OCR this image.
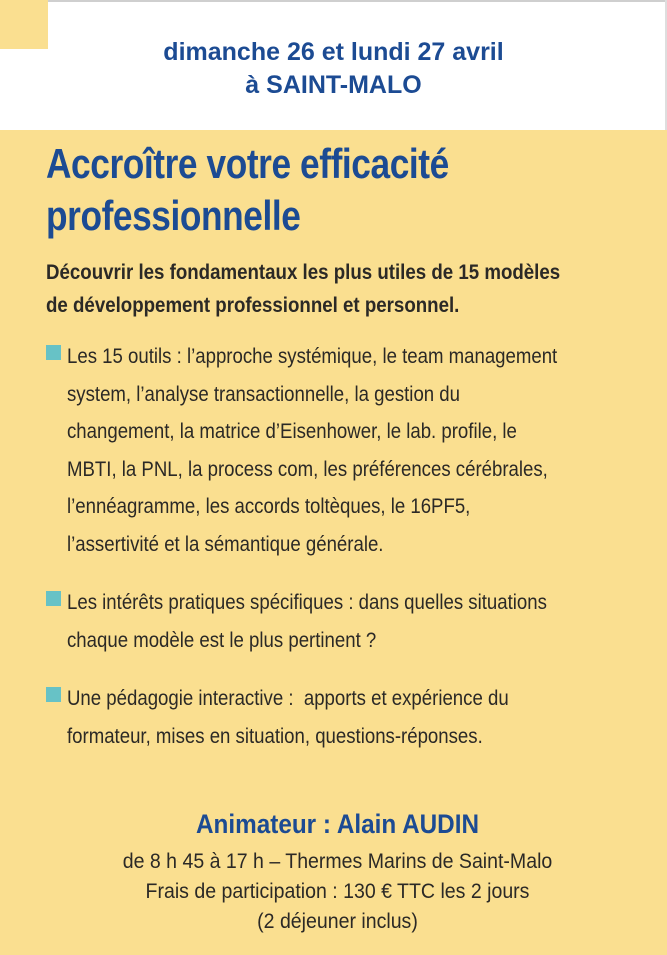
dimanche 26 et lundi 27 avril
à SAINT-MALO
Accroître votre efficacité
professionnelle
Découvrir les fondamentaux les plus utiles de 15 modèles
de développement professionnel et personnel.
Les 15 outils : l’approche systémique, le team management system, l’analyse transactionnelle, la gestion du changement, la matrice d’Eisenhower, le lab. profile, le MBTI, la PNL, la process com, les préférences cérébrales, l’ennéagramme, les accords toltèques, le 16PF5, l’assertivité et la sémantique générale.
Les intérêts pratiques spécifiques : dans quelles situations chaque modèle est le plus pertinent ?
Une pédagogie interactive :  apports et expérience du formateur, mises en situation, questions-réponses.
Animateur : Alain AUDIN
de 8 h 45 à 17 h – Thermes Marins de Saint-Malo
Frais de participation : 130 € TTC les 2 jours
(2 déjeuner inclus)
